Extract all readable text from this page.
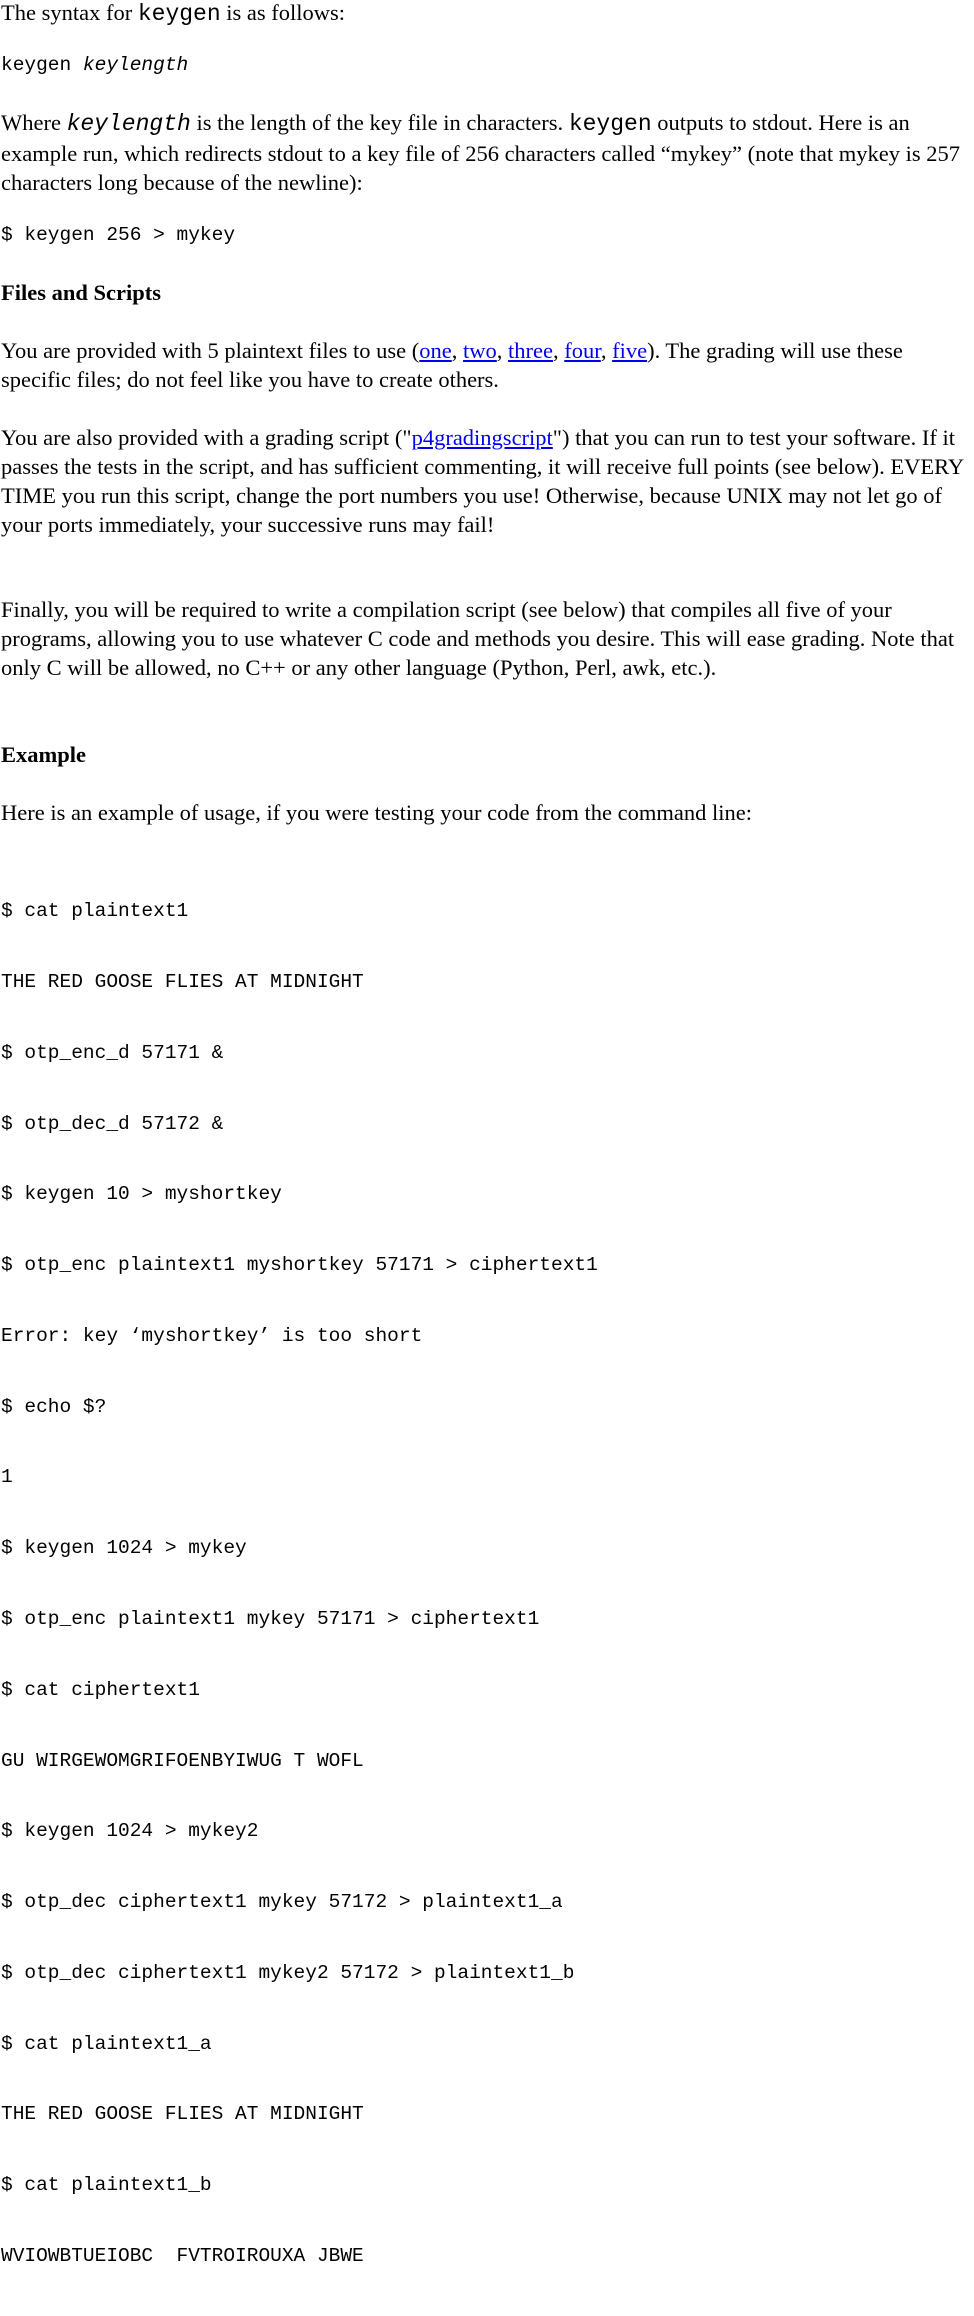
The syntax for keygen is as follows:

keygen keylength

Where keylength is the length of the key file in characters. keygen outputs to stdout. Here is an example run, which redirects stdout to a key file of 256 characters called “mykey” (note that mykey is 257 characters long because of the newline):

$ keygen 256 > mykey
Files and Scripts

You are provided with 5 plaintext files to use (one, two, three, four, five). The grading will use these specific files; do not feel like you have to create others.

You are also provided with a grading script ("p4gradingscript") that you can run to test your software. If it passes the tests in the script, and has sufficient commenting, it will receive full points (see below). EVERY TIME you run this script, change the port numbers you use! Otherwise, because UNIX may not let go of your ports immediately, your successive runs may fail!

Finally, you will be required to write a compilation script (see below) that compiles all five of your programs, allowing you to use whatever C code and methods you desire. This will ease grading. Note that only C will be allowed, no C++ or any other language (Python, Perl, awk, etc.).

Example

Here is an example of usage, if you were testing your code from the command line:

$ cat plaintext1

THE RED GOOSE FLIES AT MIDNIGHT

$ otp_enc_d 57171 &

$ otp_dec_d 57172 &

$ keygen 10 > myshortkey

$ otp_enc plaintext1 myshortkey 57171 > ciphertext1

Error: key ‘myshortkey’ is too short

$ echo $?

1

$ keygen 1024 > mykey

$ otp_enc plaintext1 mykey 57171 > ciphertext1

$ cat ciphertext1

GU WIRGEWOMGRIFOENBYIWUG T WOFL

$ keygen 1024 > mykey2

$ otp_dec ciphertext1 mykey 57172 > plaintext1_a

$ otp_dec ciphertext1 mykey2 57172 > plaintext1_b

$ cat plaintext1_a

THE RED GOOSE FLIES AT MIDNIGHT

$ cat plaintext1_b

WVIOWBTUEIOBC  FVTROIROUXA JBWE
